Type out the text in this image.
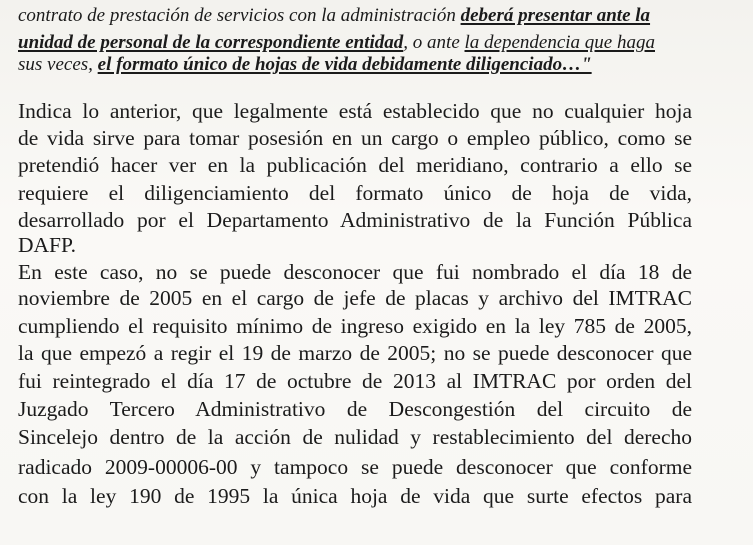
contrato de prestación de servicios con la administración deberá presentar ante la
unidad de personal de la correspondiente entidad, o ante la dependencia que haga
sus veces, el formato único de hojas de vida debidamente diligenciado…"
Indica lo anterior, que legalmente está establecido que no cualquier hoja
de vida sirve para tomar posesión en un cargo o empleo público, como se
pretendió hacer ver en la publicación del meridiano, contrario a ello se
requiere el diligenciamiento del formato único de hoja de vida,
desarrollado por el Departamento Administrativo de la Función Pública
DAFP.
En este caso, no se puede desconocer que fui nombrado el día 18 de
noviembre de 2005 en el cargo de jefe de placas y archivo del IMTRAC
cumpliendo el requisito mínimo de ingreso exigido en la ley 785 de 2005,
la que empezó a regir el 19 de marzo de 2005; no se puede desconocer que
fui reintegrado el día 17 de octubre de 2013 al IMTRAC por orden del
Juzgado Tercero Administrativo de Descongestión del circuito de
Sincelejo dentro de la acción de nulidad y restablecimiento del derecho
radicado 2009-00006-00 y tampoco se puede desconocer que conforme
con la ley 190 de 1995 la única hoja de vida que surte efectos para
